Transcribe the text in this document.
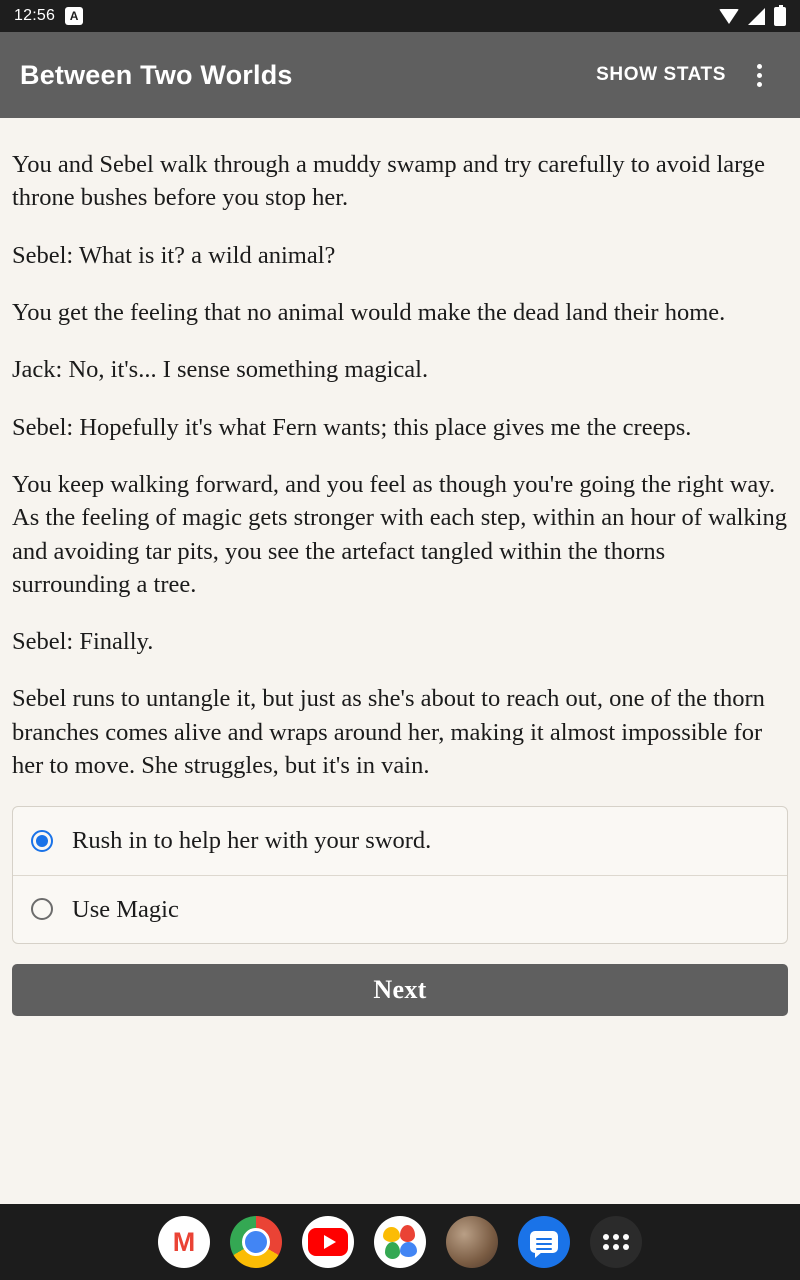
12:56	A
Between Two Worlds	SHOW STATS

You and Sebel walk through a muddy swamp and try carefully to avoid large throne bushes before you stop her.

Sebel: What is it? a wild animal?

You get the feeling that no animal would make the dead land their home.

Jack: No, it's... I sense something magical.

Sebel: Hopefully it's what Fern wants; this place gives me the creeps.

You keep walking forward, and you feel as though you're going the right way. As the feeling of magic gets stronger with each step, within an hour of walking and avoiding tar pits, you see the artefact tangled within the thorns surrounding a tree.

Sebel: Finally.

Sebel runs to untangle it, but just as she's about to reach out, one of the thorn branches comes alive and wraps around her, making it almost impossible for her to move. She struggles, but it's in vain.

Rush in to help her with your sword.
Use Magic
Next
M
